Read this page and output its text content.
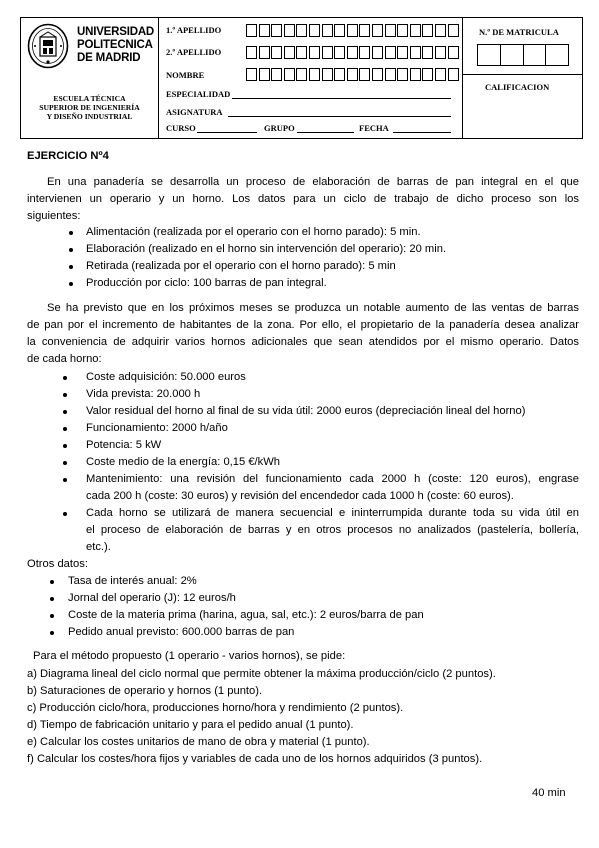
UNIVERSIDAD
POLITECNICA
DE MADRID
ESCUELA TÉCNICA
SUPERIOR DE INGENIERÍA
Y DISEÑO INDUSTRIAL
1.º APELLIDO
2.º APELLIDO
NOMBRE
ESPECIALIDAD
ASIGNATURA
CURSO	GRUPO	FECHA
N.º DE MATRICULA
CALIFICACION
EJERCICIO Nº4
En una panadería se desarrolla un proceso de elaboración de barras de pan integral en el que
intervienen un operario y un horno. Los datos para un ciclo de trabajo de dicho proceso son los
siguientes:
Alimentación (realizada por el operario con el horno parado): 5 min.
Elaboración (realizado en el horno sin intervención del operario): 20 min.
Retirada (realizada por el operario con el horno parado): 5 min
Producción por ciclo: 100 barras de pan integral.
Se ha previsto que en los próximos meses se produzca un notable aumento de las ventas de barras
de pan por el incremento de habitantes de la zona. Por ello, el propietario de la panadería desea analizar
la conveniencia de adquirir varios hornos adicionales que sean atendidos por el mismo operario. Datos
de cada horno:
Coste adquisición: 50.000 euros
Vida prevista: 20.000 h
Valor residual del horno al final de su vida útil: 2000 euros (depreciación lineal del horno)
Funcionamiento: 2000 h/año
Potencia: 5 kW
Coste medio de la energía: 0,15 €/kWh
Mantenimiento: una revisión del funcionamiento cada 2000 h (coste: 120 euros), engrase
cada 200 h (coste: 30 euros) y revisión del encendedor cada 1000 h (coste: 60 euros).
Cada horno se utilizará de manera secuencial e ininterrumpida durante toda su vida útil en
el proceso de elaboración de barras y en otros procesos no analizados (pastelería, bollería,
etc.).
Otros datos:
Tasa de interés anual: 2%
Jornal del operario (J): 12 euros/h
Coste de la materia prima (harina, agua, sal, etc.): 2 euros/barra de pan
Pedido anual previsto: 600.000 barras de pan
Para el método propuesto (1 operario - varios hornos), se pide:
a) Diagrama lineal del ciclo normal que permite obtener la máxima producción/ciclo (2 puntos).
b) Saturaciones de operario y hornos (1 punto).
c) Producción ciclo/hora, producciones horno/hora y rendimiento (2 puntos).
d) Tiempo de fabricación unitario y para el pedido anual (1 punto).
e) Calcular los costes unitarios de mano de obra y material (1 punto).
f) Calcular los costes/hora fijos y variables de cada uno de los hornos adquiridos (3 puntos).
40 min
